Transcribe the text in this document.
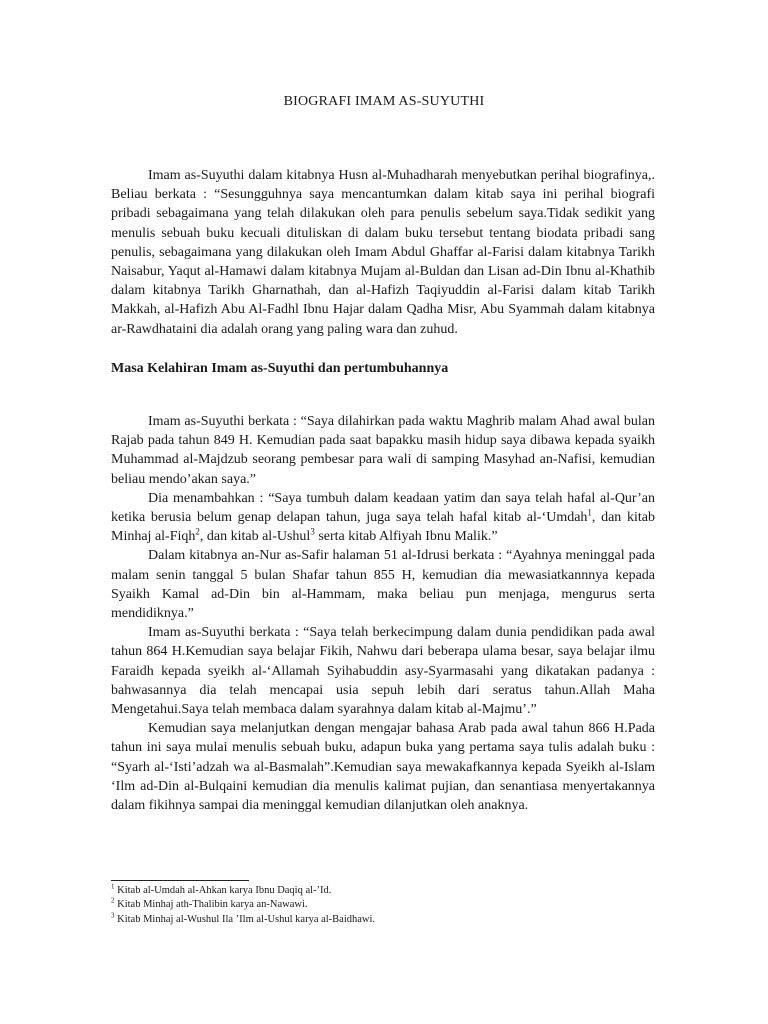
BIOGRAFI IMAM AS-SUYUTHI

Imam as-Suyuthi dalam kitabnya Husn al-Muhadharah menyebutkan perihal biografinya,. Beliau berkata : “Sesungguhnya saya mencantumkan dalam kitab saya ini perihal biografi pribadi sebagaimana yang telah dilakukan oleh para penulis sebelum saya.Tidak sedikit yang menulis sebuah buku kecuali dituliskan di dalam buku tersebut tentang biodata pribadi sang penulis, sebagaimana yang dilakukan oleh Imam Abdul Ghaffar al-Farisi dalam kitabnya Tarikh Naisabur, Yaqut al-Hamawi dalam kitabnya Mujam al-Buldan dan Lisan ad-Din Ibnu al-Khathib dalam kitabnya Tarikh Gharnathah, dan al-Hafizh Taqiyuddin al-Farisi dalam kitab Tarikh Makkah, al-Hafizh Abu Al-Fadhl Ibnu Hajar dalam Qadha Misr, Abu Syammah dalam kitabnya ar-Rawdhataini dia adalah orang yang paling wara dan zuhud.

Masa Kelahiran Imam as-Suyuthi dan pertumbuhannya

Imam as-Suyuthi berkata : “Saya dilahirkan pada waktu Maghrib malam Ahad awal bulan Rajab pada tahun 849 H. Kemudian pada saat bapakku masih hidup saya dibawa kepada syaikh Muhammad al-Majdzub seorang pembesar para wali di samping Masyhad an-Nafisi, kemudian beliau mendo’akan saya.”

Dia menambahkan : “Saya tumbuh dalam keadaan yatim dan saya telah hafal al-Qur’an ketika berusia belum genap delapan tahun, juga saya telah hafal kitab al-‘Umdah$^1$, dan kitab Minhaj al-Fiqh$^2$, dan kitab al-Ushul$^3$ serta kitab Alfiyah Ibnu Malik.”

Dalam kitabnya an-Nur as-Safir halaman 51 al-Idrusi berkata : “Ayahnya meninggal pada malam senin tanggal 5 bulan Shafar tahun 855 H, kemudian dia mewasiatkannnya kepada Syaikh Kamal ad-Din bin al-Hammam, maka beliau pun menjaga, mengurus serta mendidiknya.”

Imam as-Suyuthi berkata : “Saya telah berkecimpung dalam dunia pendidikan pada awal tahun 864 H.Kemudian saya belajar Fikih, Nahwu dari beberapa ulama besar, saya belajar ilmu Faraidh kepada syeikh al-‘Allamah Syihabuddin asy-Syarmasahi yang dikatakan padanya : bahwasannya dia telah mencapai usia sepuh lebih dari seratus tahun.Allah Maha Mengetahui.Saya telah membaca dalam syarahnya dalam kitab al-Majmu’.”

Kemudian saya melanjutkan dengan mengajar bahasa Arab pada awal tahun 866 H.Pada tahun ini saya mulai menulis sebuah buku, adapun buka yang pertama saya tulis adalah buku : “Syarh al-‘Isti’adzah wa al-Basmalah”.Kemudian saya mewakafkannya kepada Syeikh al-Islam ‘Ilm ad-Din al-Bulqaini kemudian dia menulis kalimat pujian, dan senantiasa menyertakannya dalam fikihnya sampai dia meninggal kemudian dilanjutkan oleh anaknya.

$^1$ Kitab al-Umdah al-Ahkan karya Ibnu Daqiq al-’Id.
$^2$ Kitab Minhaj ath-Thalibin karya an-Nawawi.
$^3$ Kitab Minhaj al-Wushul Ila ’Ilm al-Ushul karya al-Baidhawi.
